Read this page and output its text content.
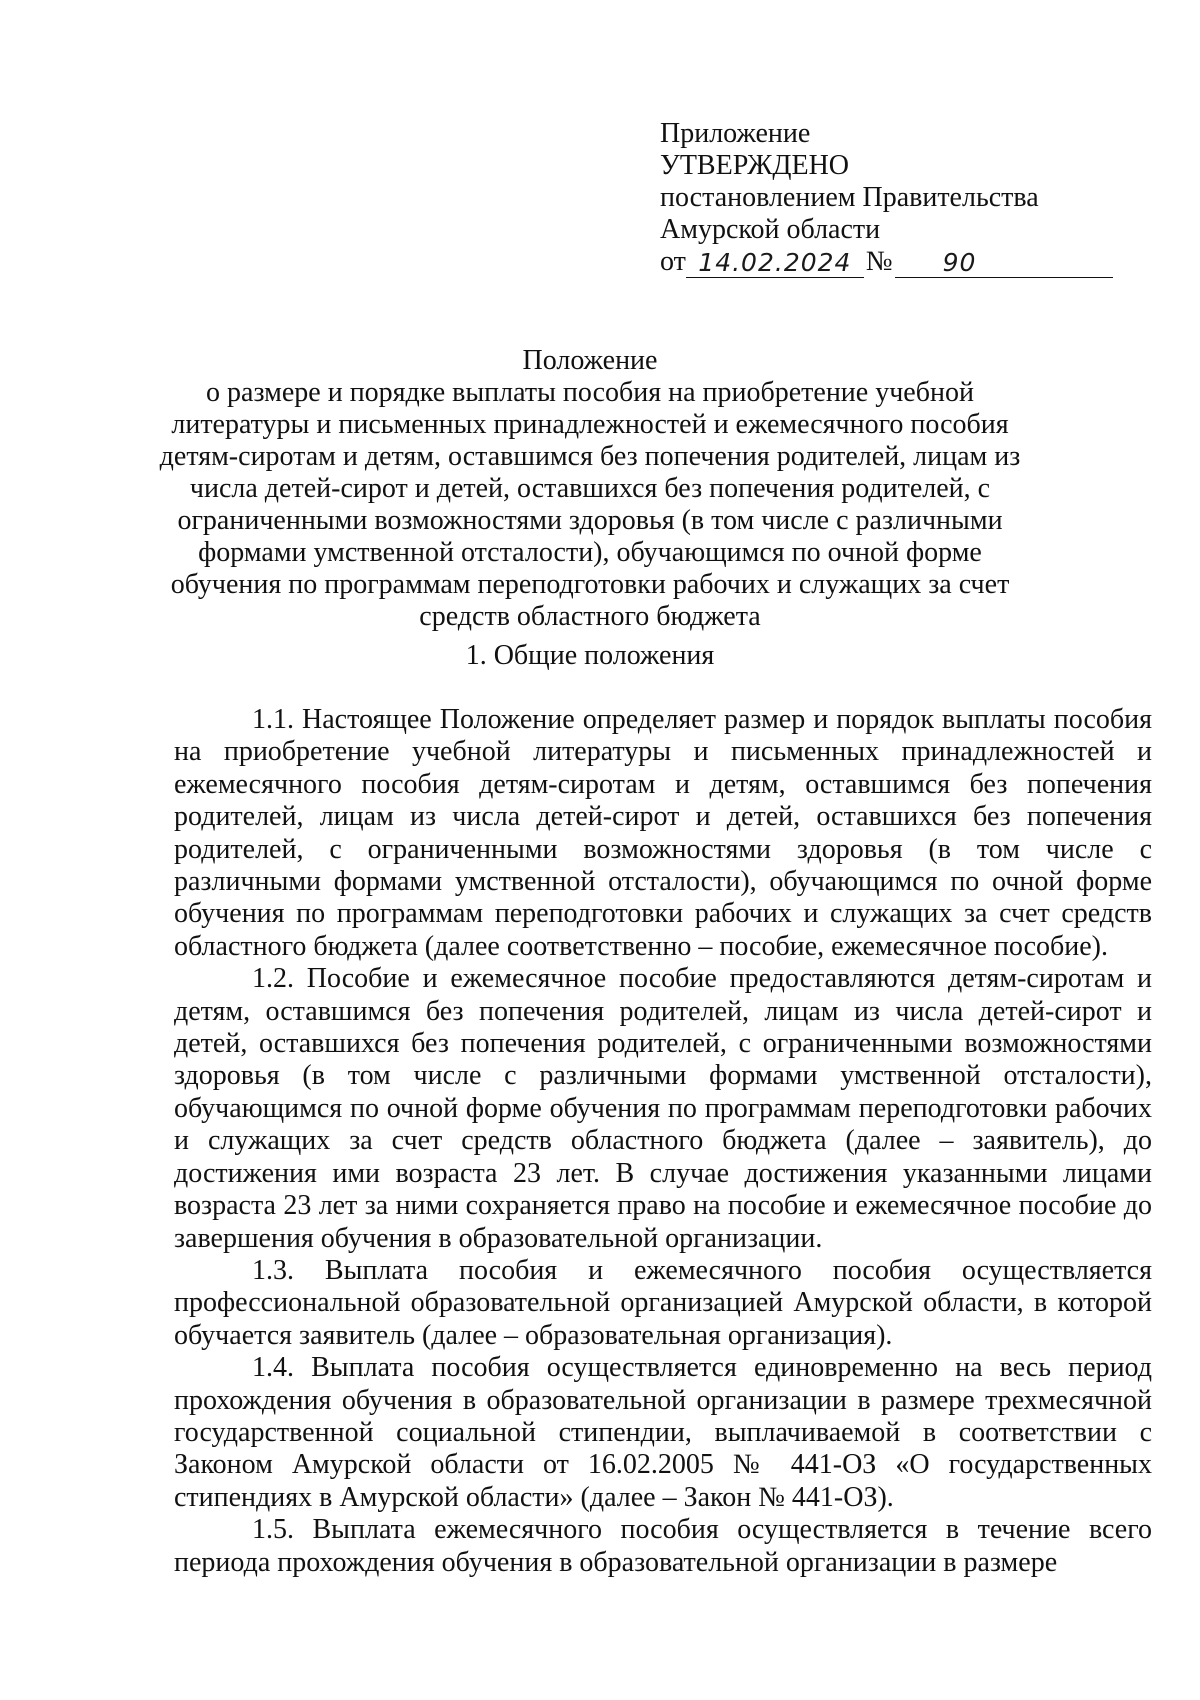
Приложение
УТВЕРЖДЕНО
постановлением Правительства
Амурской области
от 14.02.2024 №	90
Положение
о размере и порядке выплаты пособия на приобретение учебной литературы и письменных принадлежностей и ежемесячного пособия детям-сиротам и детям, оставшимся без попечения родителей, лицам из числа детей-сирот и детей, оставшихся без попечения родителей, с ограниченными возможностями здоровья (в том числе с различными формами умственной отсталости), обучающимся по очной форме обучения по программам переподготовки рабочих и служащих за счет средств областного бюджета
1. Общие положения

1.1. Настоящее Положение определяет размер и порядок выплаты пособия на приобретение учебной литературы и письменных принадлежностей и ежемесячного пособия детям-сиротам и детям, оставшимся без попечения родителей, лицам из числа детей-сирот и детей, оставшихся без попечения родителей, с ограниченными возможностями здоровья (в том числе с различными формами умственной отсталости), обучающимся по очной форме обучения по программам переподготовки рабочих и служащих за счет средств областного бюджета (далее соответственно – пособие, ежемесячное пособие).

1.2. Пособие и ежемесячное пособие предоставляются детям-сиротам и детям, оставшимся без попечения родителей, лицам из числа детей-сирот и детей, оставшихся без попечения родителей, с ограниченными возможностями здоровья (в том числе с различными формами умственной отсталости), обучающимся по очной форме обучения по программам переподготовки рабочих и служащих за счет средств областного бюджета (далее – заявитель), до достижения ими возраста 23 лет. В случае достижения указанными лицами возраста 23 лет за ними сохраняется право на пособие и ежемесячное пособие до завершения обучения в образовательной организации.

1.3. Выплата пособия и ежемесячного пособия осуществляется профессиональной образовательной организацией Амурской области, в которой обучается заявитель (далее – образовательная организация).

1.4. Выплата пособия осуществляется единовременно на весь период прохождения обучения в образовательной организации в размере трехмесячной государственной социальной стипендии, выплачиваемой в соответствии с Законом Амурской области от 16.02.2005 № 441-ОЗ «О государственных стипендиях в Амурской области» (далее – Закон № 441-ОЗ).

1.5. Выплата ежемесячного пособия осуществляется в течение всего периода прохождения обучения в образовательной организации в размере
